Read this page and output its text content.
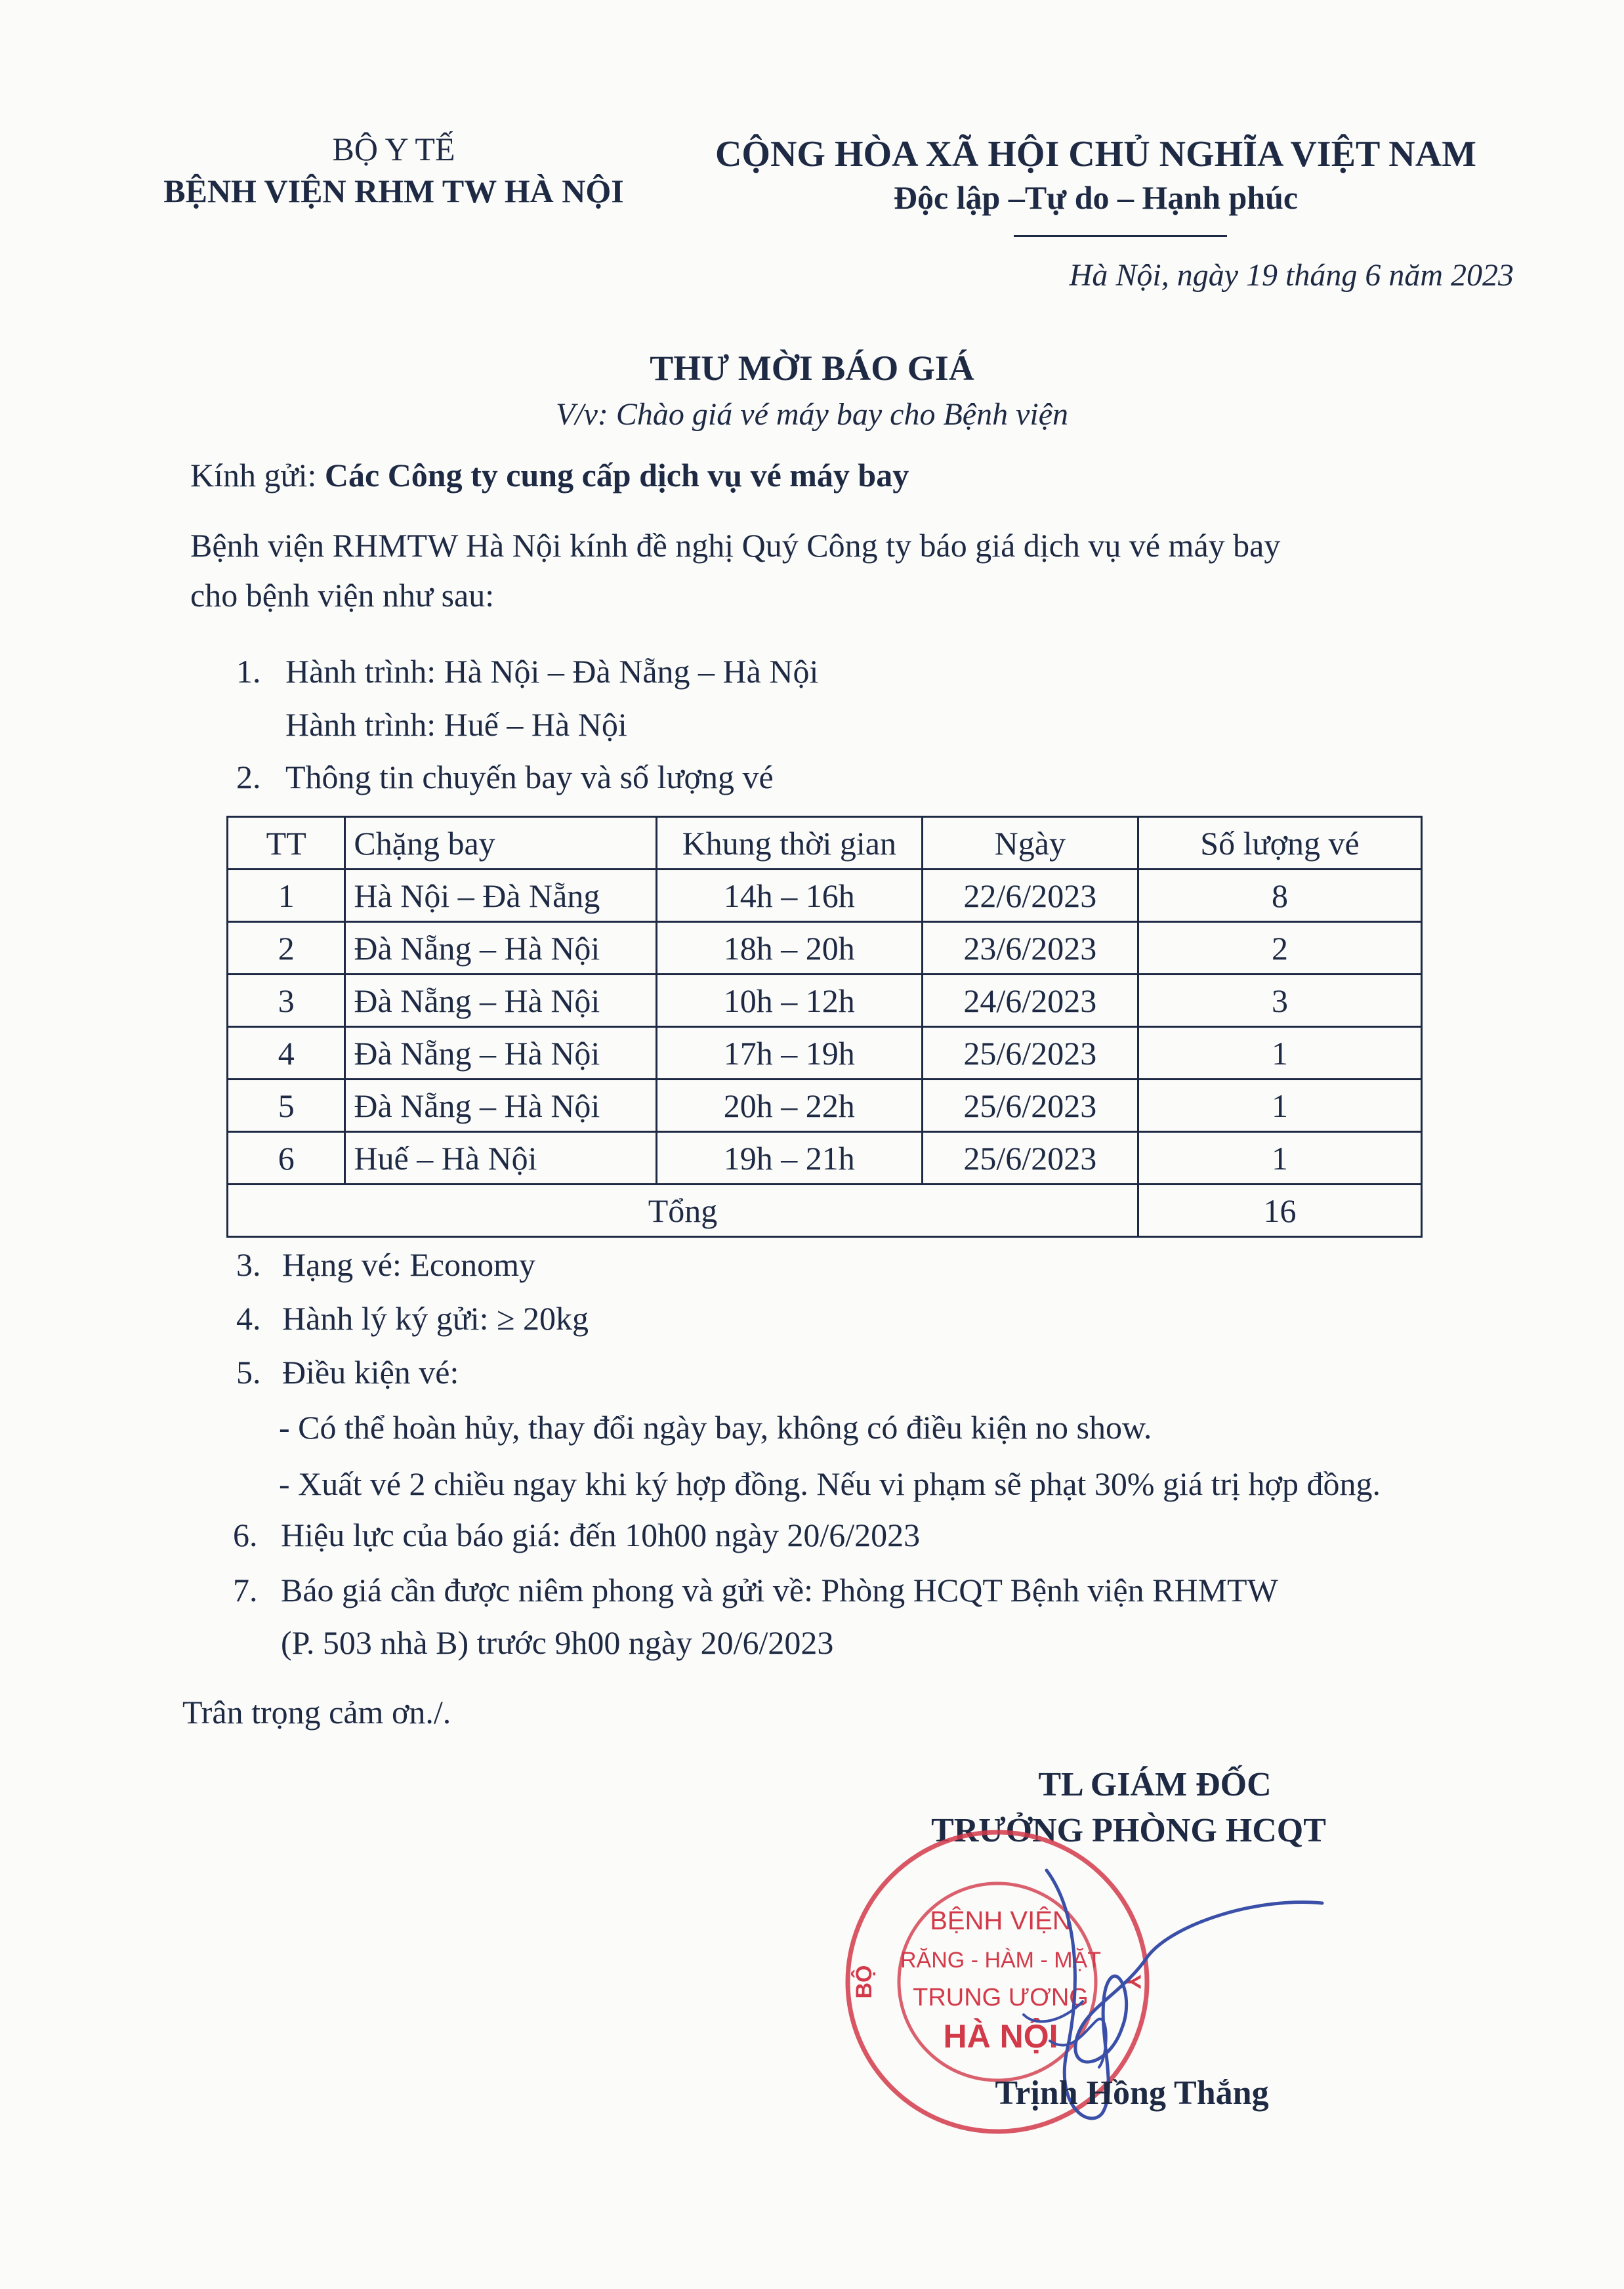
BỘ Y TẾ
BỆNH VIỆN RHM TW HÀ NỘI
CỘNG HÒA XÃ HỘI CHỦ NGHĨA VIỆT NAM
Độc lập –Tự do – Hạnh phúc
Hà Nội, ngày 19 tháng 6 năm 2023
THƯ MỜI BÁO GIÁ
V/v: Chào giá vé máy bay cho Bệnh viện
Kính gửi: Các Công ty cung cấp dịch vụ vé máy bay
Bệnh viện RHMTW Hà Nội kính đề nghị Quý Công ty báo giá dịch vụ vé máy bay
cho bệnh viện như sau:
1. Hành trình: Hà Nội – Đà Nẵng – Hà Nội
Hành trình: Huế – Hà Nội
2. Thông tin chuyến bay và số lượng vé
TT	Chặng bay	Khung thời gian	Ngày	Số lượng vé
1	Hà Nội – Đà Nẵng	14h – 16h	22/6/2023	8
2	Đà Nẵng – Hà Nội	18h – 20h	23/6/2023	2
3	Đà Nẵng – Hà Nội	10h – 12h	24/6/2023	3
4	Đà Nẵng – Hà Nội	17h – 19h	25/6/2023	1
5	Đà Nẵng – Hà Nội	20h – 22h	25/6/2023	1
6	Huế – Hà Nội	19h – 21h	25/6/2023	1
Tổng				16
3. Hạng vé: Economy
4. Hành lý ký gửi: ≥ 20kg
5. Điều kiện vé:
- Có thể hoàn hủy, thay đổi ngày bay, không có điều kiện no show.
- Xuất vé 2 chiều ngay khi ký hợp đồng. Nếu vi phạm sẽ phạt 30% giá trị hợp đồng.
6. Hiệu lực của báo giá: đến 10h00 ngày 20/6/2023
7. Báo giá cần được niêm phong và gửi về: Phòng HCQT Bệnh viện RHMTW
(P. 503 nhà B) trước 9h00 ngày 20/6/2023
Trân trọng cảm ơn./.
TL GIÁM ĐỐC
TRƯỞNG PHÒNG HCQT
BỘ	Y
BỆNH VIỆN
RĂNG - HÀM - MẶT
TRUNG ƯƠNG
HÀ NỘI
Trịnh Hồng Thắng
